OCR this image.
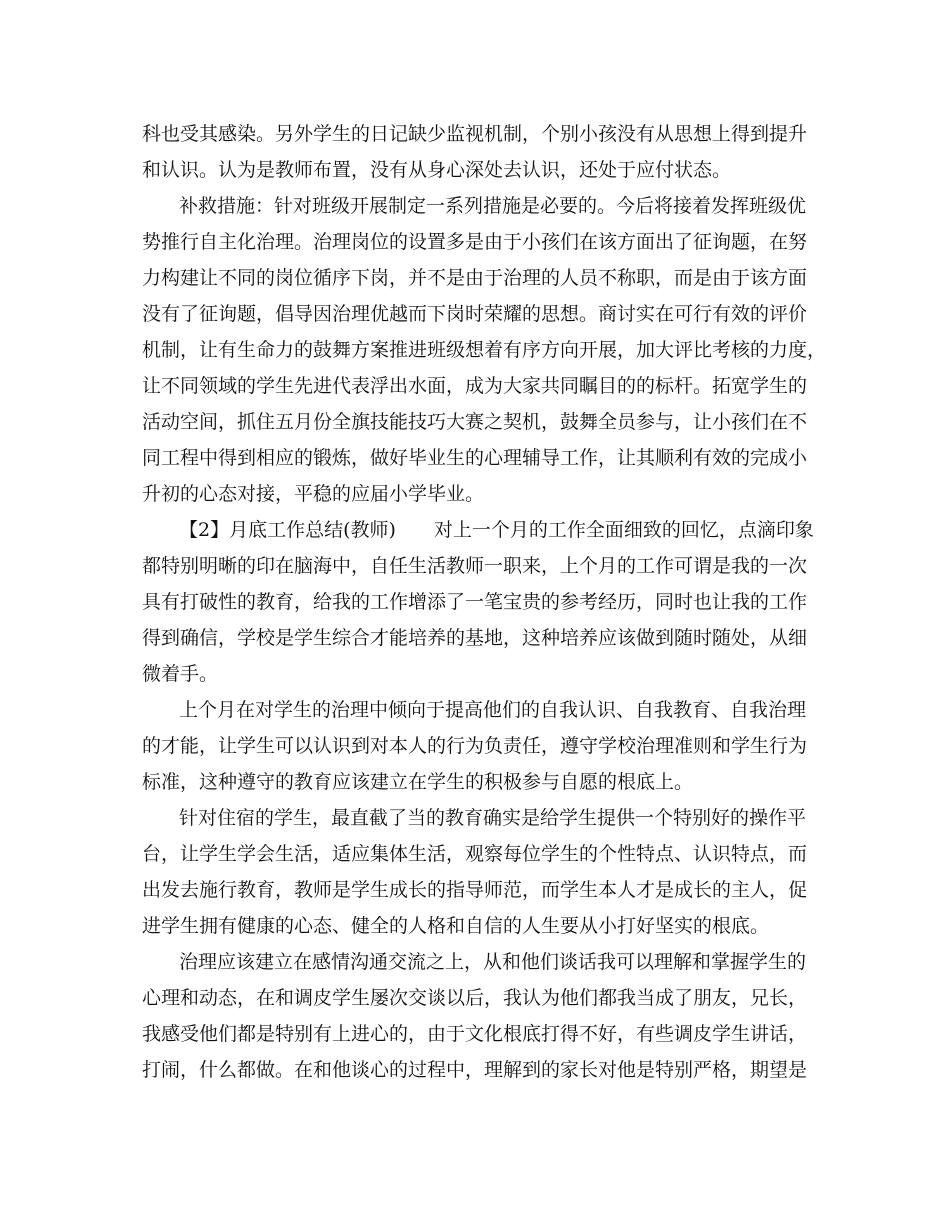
科也受其感染。另外学生的日记缺少监视机制，个别小孩没有从思想上得到提升
和认识。认为是教师布置，没有从身心深处去认识，还处于应付状态。
补救措施：针对班级开展制定一系列措施是必要的。今后将接着发挥班级优
势推行自主化治理。治理岗位的设置多是由于小孩们在该方面出了征询题，在努
力构建让不同的岗位循序下岗，并不是由于治理的人员不称职，而是由于该方面
没有了征询题，倡导因治理优越而下岗时荣耀的思想。商讨实在可行有效的评价
机制，让有生命力的鼓舞方案推进班级想着有序方向开展，加大评比考核的力度，
让不同领域的学生先进代表浮出水面，成为大家共同瞩目的的标杆。拓宽学生的
活动空间，抓住五月份全旗技能技巧大赛之契机，鼓舞全员参与，让小孩们在不
同工程中得到相应的锻炼，做好毕业生的心理辅导工作，让其顺利有效的完成小
升初的心态对接，平稳的应届小学毕业。
【2】月底工作总结(教师)　　对上一个月的工作全面细致的回忆，点滴印象
都特别明晰的印在脑海中，自任生活教师一职来，上个月的工作可谓是我的一次
具有打破性的教育，给我的工作增添了一笔宝贵的参考经历，同时也让我的工作
得到确信，学校是学生综合才能培养的基地，这种培养应该做到随时随处，从细
微着手。
上个月在对学生的治理中倾向于提高他们的自我认识、自我教育、自我治理
的才能，让学生可以认识到对本人的行为负责任，遵守学校治理准则和学生行为
标准，这种遵守的教育应该建立在学生的积极参与自愿的根底上。
针对住宿的学生，最直截了当的教育确实是给学生提供一个特别好的操作平
台，让学生学会生活，适应集体生活，观察每位学生的个性特点、认识特点，而
出发去施行教育，教师是学生成长的指导师范，而学生本人才是成长的主人，促
进学生拥有健康的心态、健全的人格和自信的人生要从小打好坚实的根底。
治理应该建立在感情沟通交流之上，从和他们谈话我可以理解和掌握学生的
心理和动态，在和调皮学生屡次交谈以后，我认为他们都我当成了朋友，兄长，
我感受他们都是特别有上进心的，由于文化根底打得不好，有些调皮学生讲话，
打闹，什么都做。在和他谈心的过程中，理解到的家长对他是特别严格，期望是
